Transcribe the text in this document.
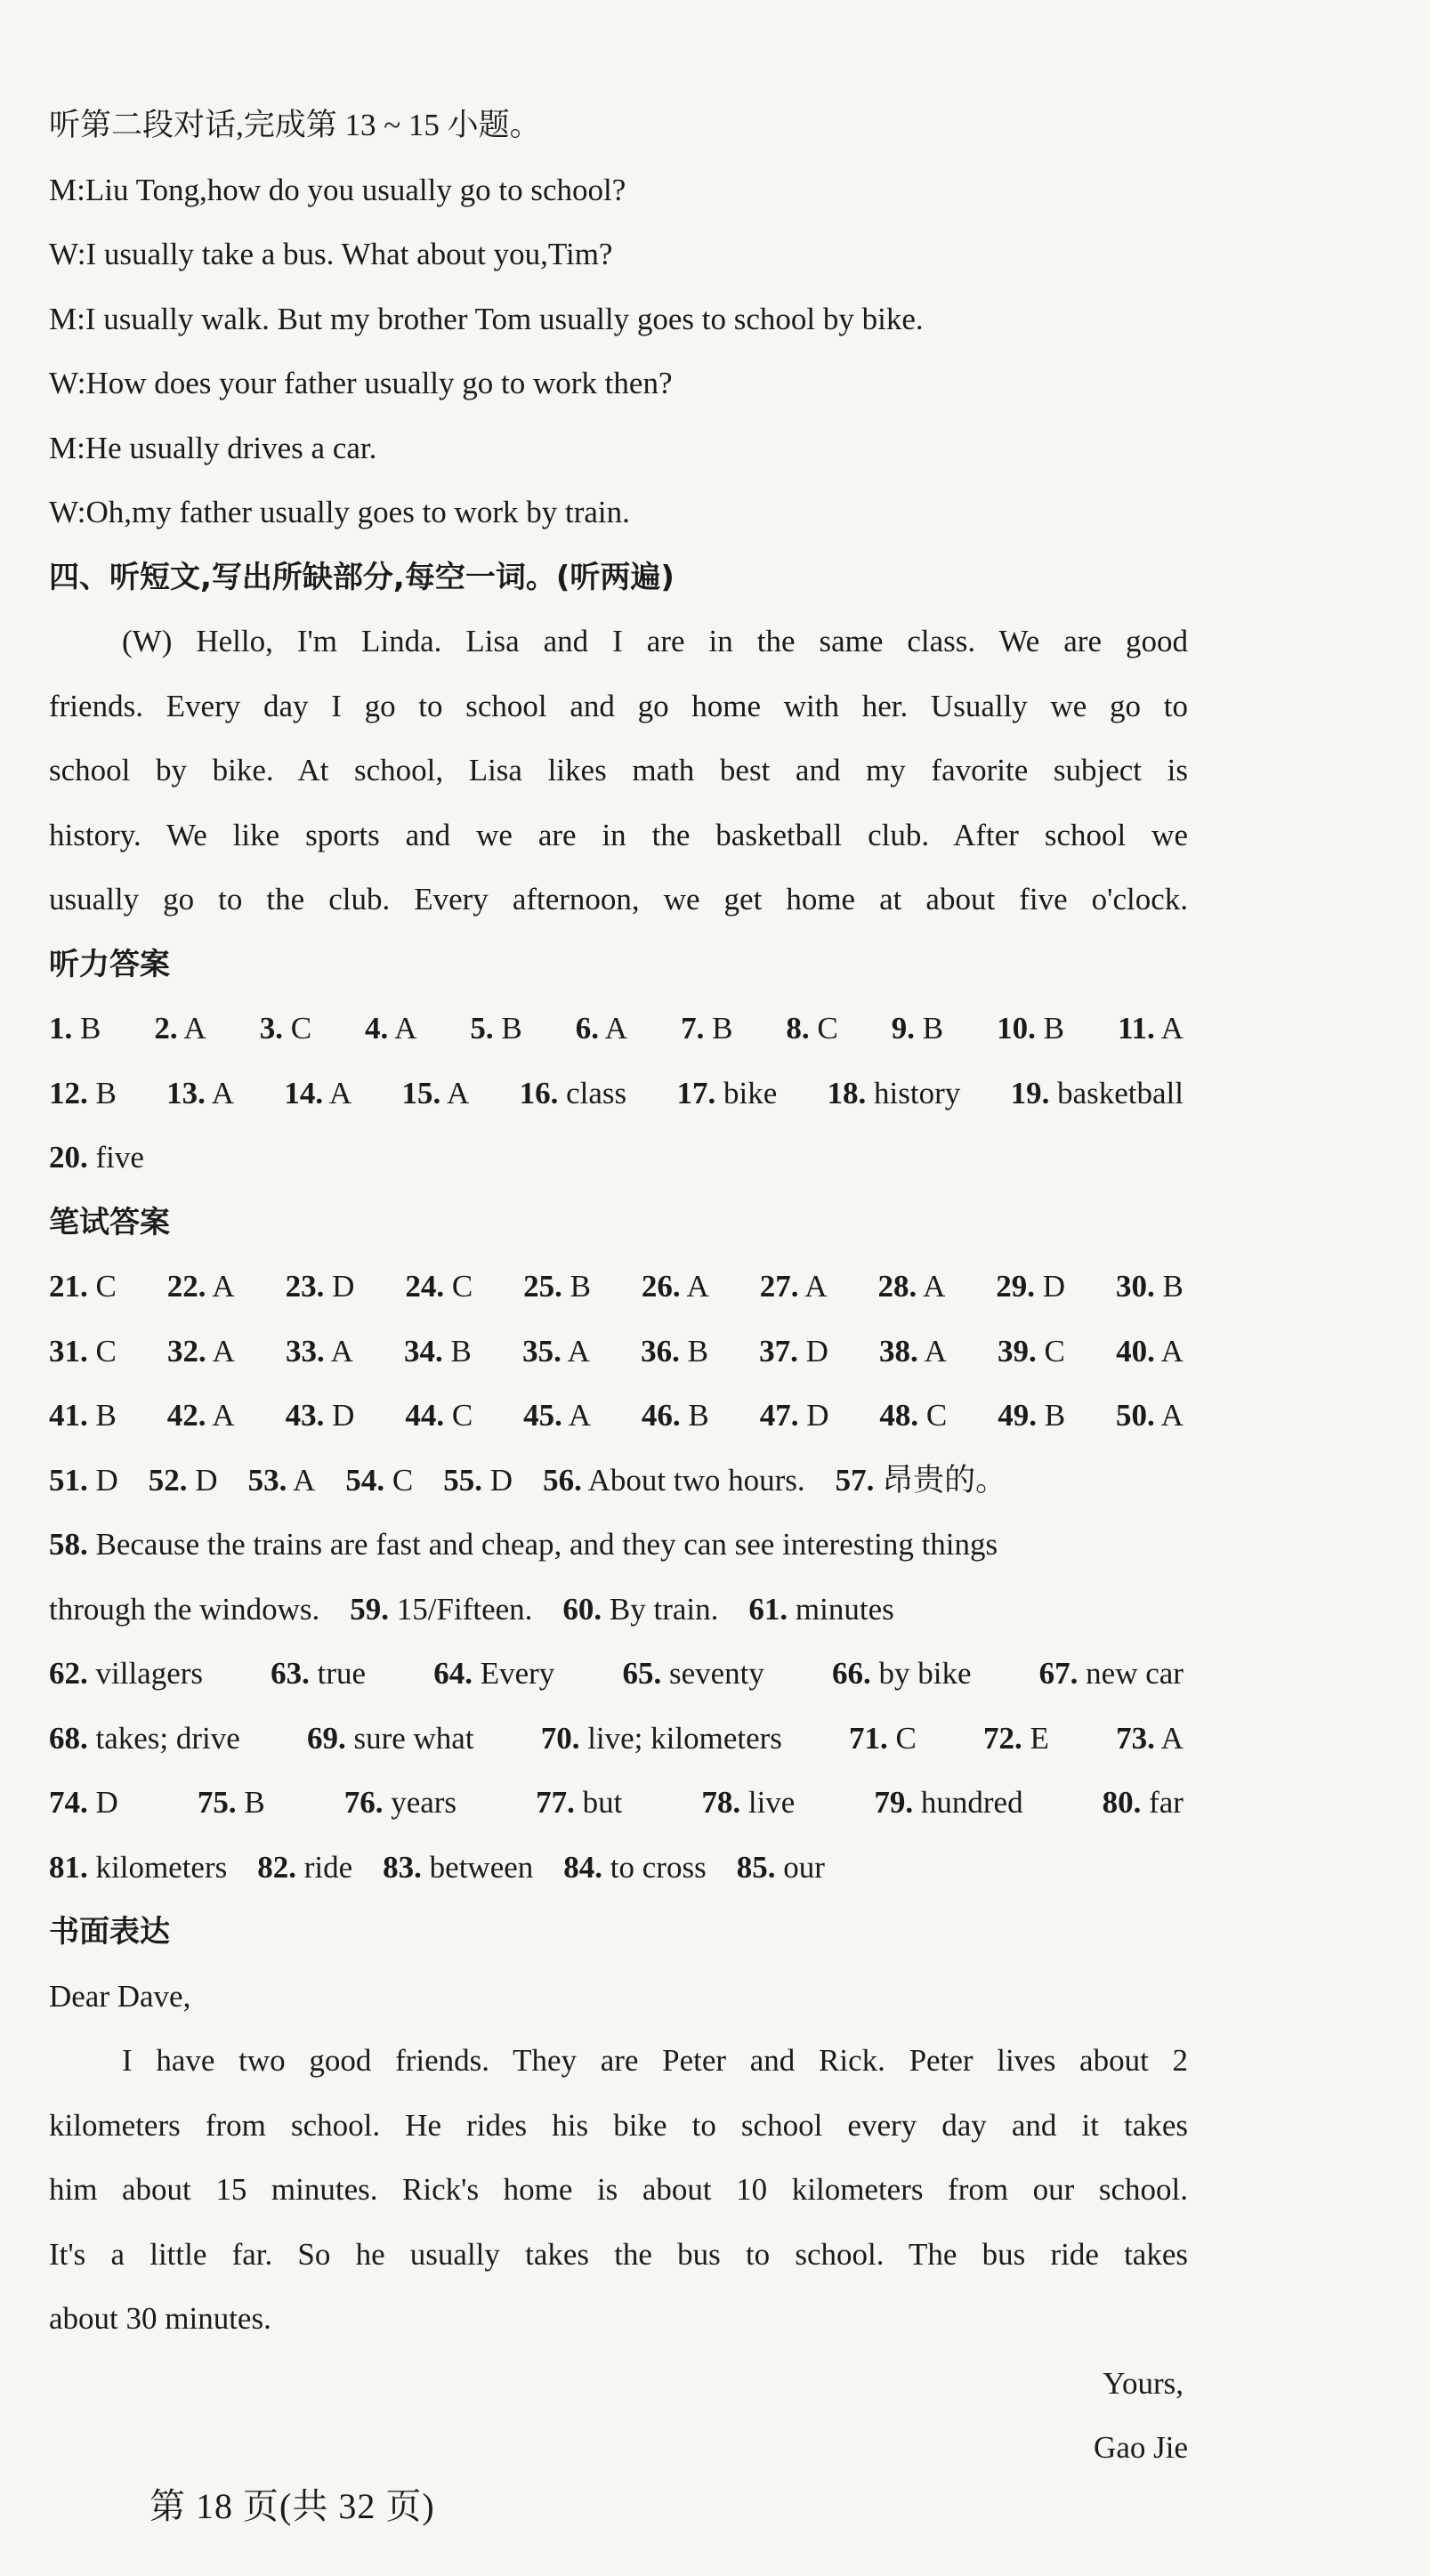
听第二段对话,完成第 13 ~ 15 小题。
M:Liu Tong,how do you usually go to school?
W:I usually take a bus. What about you,Tim?
M:I usually walk. But my brother Tom usually goes to school by bike.
W:How does your father usually go to work then?
M:He usually drives a car.
W:Oh,my father usually goes to work by train.
四、听短文,写出所缺部分,每空一词。(听两遍)
(W) Hello, I'm Linda. Lisa and I are in the same class. We are good
friends. Every day I go to school and go home with her. Usually we go to
school by bike. At school, Lisa likes math best and my favorite subject is
history. We like sports and we are in the basketball club. After school we
usually go to the club. Every afternoon, we get home at about five o'clock.
听力答案
1. B 2. A 3. C 4. A 5. B 6. A 7. B 8. C 9. B 10. B 11. A
12. B 13. A 14. A 15. A 16. class 17. bike 18. history 19. basketball
20. five
笔试答案
21. C 22. A 23. D 24. C 25. B 26. A 27. A 28. A 29. D 30. B
31. C 32. A 33. A 34. B 35. A 36. B 37. D 38. A 39. C 40. A
41. B 42. A 43. D 44. C 45. A 46. B 47. D 48. C 49. B 50. A
51. D 52. D 53. A 54. C 55. D 56. About two hours. 57. 昂贵的。
58. Because the trains are fast and cheap, and they can see interesting things
through the windows. 59. 15/Fifteen. 60. By train. 61. minutes
62. villagers 63. true 64. Every 65. seventy 66. by bike 67. new car
68. takes; drive 69. sure what 70. live; kilometers 71. C 72. E 73. A
74. D	75. B	76. years	77. but	78. live	79. hundred	80. far
81. kilometers 82. ride 83. between 84. to cross 85. our
书面表达
Dear Dave,
I have two good friends. They are Peter and Rick. Peter lives about 2
kilometers from school. He rides his bike to school every day and it takes
him about 15 minutes. Rick's home is about 10 kilometers from our school.
It's a little far. So he usually takes the bus to school. The bus ride takes
about 30 minutes.
Yours,
Gao Jie
第 18 页(共 32 页)
